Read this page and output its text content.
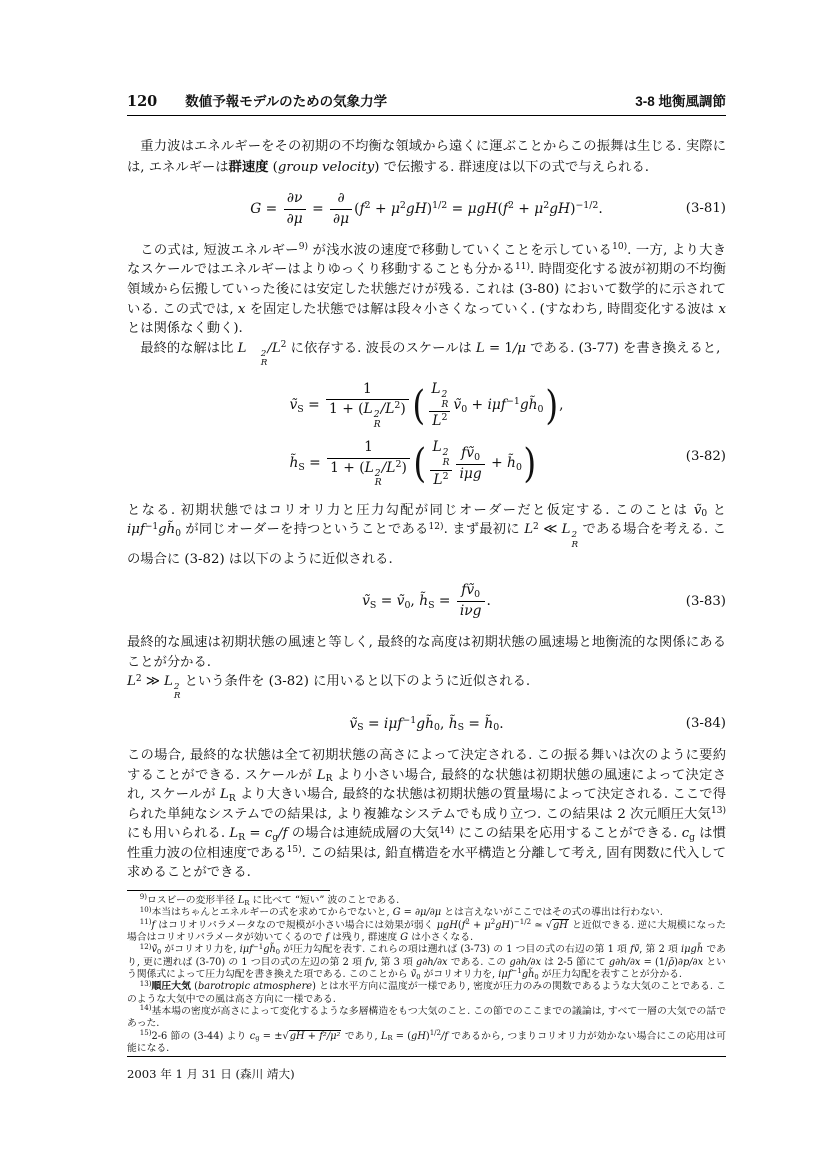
120 数値予報モデルのための気象力学	3-8 地衡風調節

重力波はエネルギーをその初期の不均衡な領域から遠くに運ぶことからこの振舞は生じる. 実際には, エネルギーは群速度 (group velocity) で伝搬する. 群速度は以下の式で与えられる.

$G = \frac{\partial\nu}{\partial\mu} = \frac{\partial}{\partial\mu} (f^2 + \mu^2gH)^{1/2} = \mu gH(f^2 + \mu^2gH)^{-1/2}$.	(3-81)

この式は, 短波エネルギー$^{9)}$ が浅水波の速度で移動していくことを示している$^{10)}$. 一方, より大きなスケールではエネルギーはよりゆっくり移動することも分かる$^{11)}$. 時間変化する波が初期の不均衡領域から伝搬していった後には安定した状態だけが残る. これは (3-80) において数学的に示されている. この式では, x を固定した状態では解は段々小さくなっていく. (すなわち, 時間変化する波は x とは関係なく動く).

最終的な解は比 L	2
R
$/L^2$ に依存する. 波長のスケールは L = 1/μ である. (3-77) を書き換えると,

ṽ$_S$ = 1
1 + (L 2
R
$/L^2$) ( L 2
R
$L^2$ ṽ$_0$ + $i\mu f^{-1}gh̃_0$),
$h̃_S = 1$
1 + (L 2
R
$/L^2$) ( L 2
R
$L^2 \frac{fṽ_0}{\text{iμg}}$ + $h̃_0$)	(3-82)

となる. 初期状態ではコリオリ力と圧力勾配が同じオーダーだと仮定する. このことは ṽ$_0$ と $i\mu f^{-1}gh̃_0$ が同じオーダーを持つということである$^{12)}$. まず最初に $L^2$ ≪ L 2
R
である場合を考える. この場合に (3-82) は以下のように近似される.

ṽ$_S$ = ṽ$_0$, $h̃_S = \frac{fṽ_0}{\text{iνg}}$ .	(3-83)

最終的な風速は初期状態の風速と等しく, 最終的な高度は初期状態の風速場と地衡流的な関係にあることが分かる.

$L^2$ ≫ L 2
R
という条件を (3-82) に用いると以下のように近似される.

ṽ$_S$ = $i\mu f^{-1}gh̃_0$, $h̃_S$ = $h̃_0$.	(3-84)

この場合, 最終的な状態は全て初期状態の高さによって決定される. この振る舞いは次のように要約することができる. スケールが $L_R$ より小さい場合, 最終的な状態は初期状態の風速によって決定され, スケールが $L_R$ より大きい場合, 最終的な状態は初期状態の質量場によって決定される. ここで得られた単純なシステムでの結果は, より複雑なシステムでも成り立つ. この結果は 2 次元順圧大気$^{13)}$ にも用いられる. $L_R = c_g/f$ の場合は連続成層の大気$^{14)}$ にこの結果を応用することができる. $c_g$ は慣性重力波の位相速度である$^{15)}$. この結果は, 鉛直構造を水平構造と分離して考え, 固有関数に代入して求めることができる.

$^{9)}$ロスビーの変形半径 $L_R$ に比べて “短い” 波のことである.

$^{10)}$本当はちゃんとエネルギーの式を求めてからでないと, G = ∂μ/∂μ とは言えないがここではその式の導出は行わない.

$^{11)}$f はコリオリパラメータなので規模が小さい場合には効果が弱く $\mu gH(f^2 + \mu^2gH)^{-1/2}$ ≃ √gH と近似できる. 逆に大規模になった場合はコリオリパラメータが効いてくるので f は残り, 群速度 G は小さくなる.

$^{12)}$ṽ$_0$ がコリオリ力を, $i\mu f^{-1}gh̃_0$ が圧力勾配を表す. これらの項は遡れば (3-73) の 1 つ目の式の右辺の第 1 項 fṽ, 第 2 項 iμgh̃ であり, 更に遡れば (3-70) の 1 つ目の式の左辺の第 2 項 fv, 第 3 項 g∂h/∂x である. この g∂h/∂x は 2-5 節にて g∂h/∂x = (1/ρ̄)∂p/∂x という関係式によって圧力勾配を書き換えた項である. このことから ṽ$_0$ がコリオリ力を, $i\mu f^{-1}gh̃_0$ が圧力勾配を表すことが分かる.

$^{13)}$順圧大気 (barotropic atmosphere) とは水平方向に温度が一様であり, 密度が圧力のみの関数であるような大気のことである. このような大気中での風は高さ方向に一様である.

$^{14)}$基本場の密度が高さによって変化するような多層構造をもつ大気のこと. この節でのここまでの議論は, すべて一層の大気での話であった.

$^{15)}$2-6 節の (3-44) より $c_g = \pm√gH + f^2/\mu^2$ であり, $L_R = (gH)^{1/2}/f$ であるから, つまりコリオリ力が効かない場合にこの応用は可能になる.

2003 年 1 月 31 日 (森川 靖大)
